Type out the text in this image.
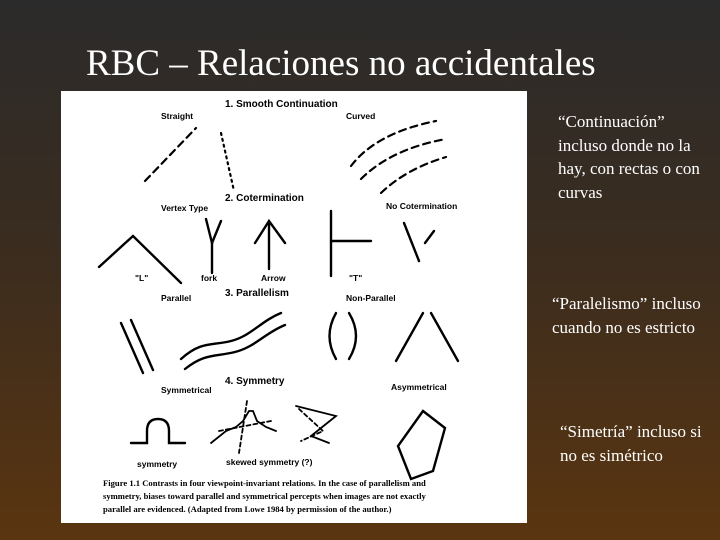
RBC – Relaciones no accidentales
1. Smooth Continuation
Straight	Curved
2. Cotermination
Vertex Type	No Cotermination
"L"	fork	Arrow	"T"
3. Parallelism
Parallel	Non-Parallel
4. Symmetry
Symmetrical	Asymmetrical
symmetry	skewed symmetry (?)
Figure 1.1 Contrasts in four viewpoint-invariant relations. In the case of parallelism and
symmetry, biases toward parallel and symmetrical percepts when images are not exactly
parallel are evidenced. (Adapted from Lowe 1984 by permission of the author.)

“Continuación” incluso donde no la hay, con rectas o con curvas

“Paralelismo” incluso cuando no es estricto

“Simetría” incluso si no es simétrico
